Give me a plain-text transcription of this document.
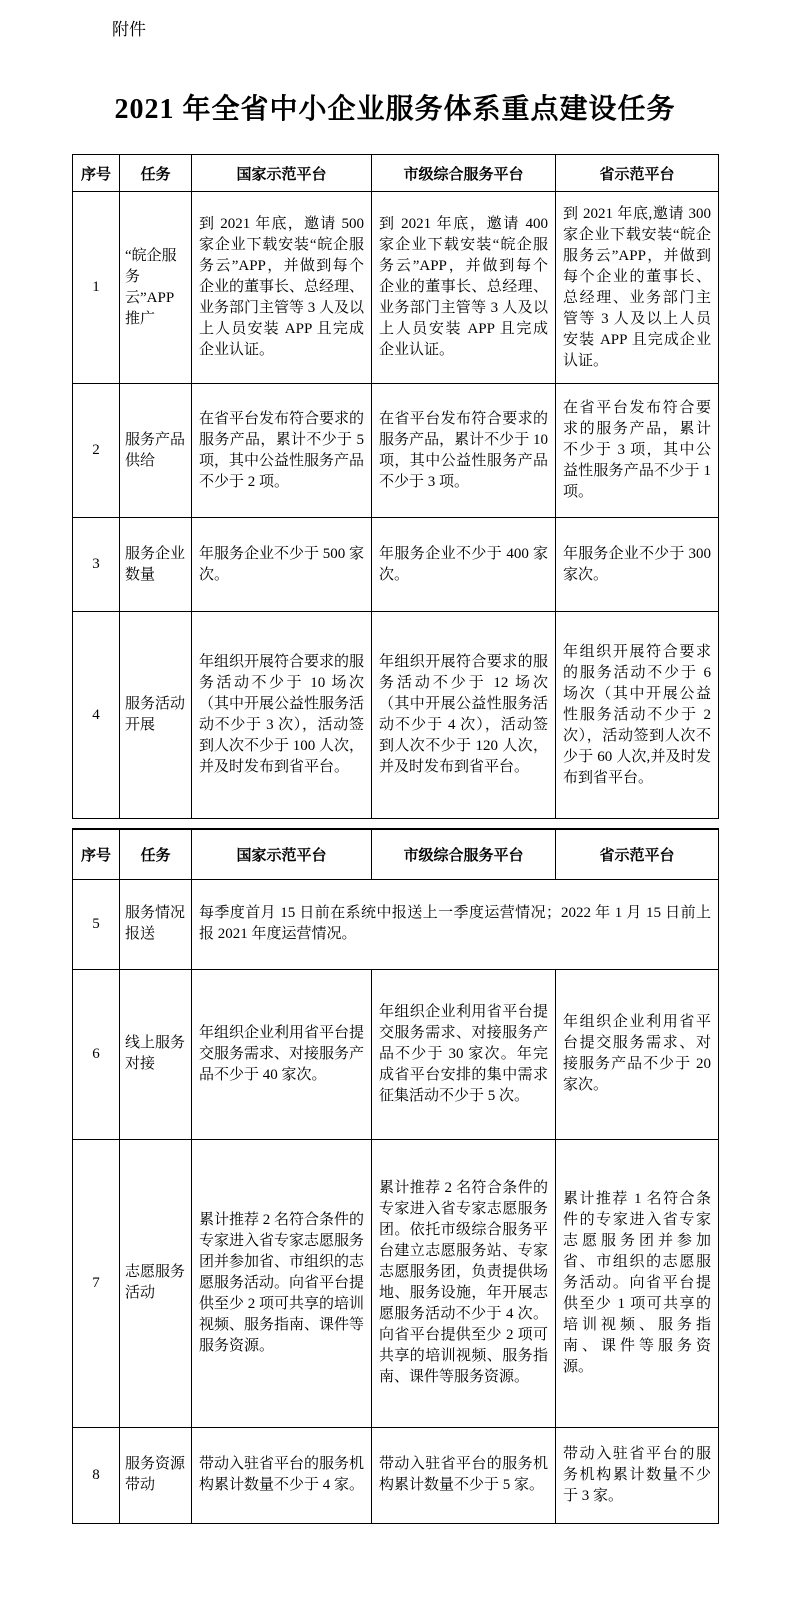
附件
2021 年全省中小企业服务体系重点建设任务
序号	任务	国家示范平台	市级综合服务平台	省示范平台
1	“皖企服务云”APP推广	到 2021 年底，邀请 500 家企业下载安装“皖企服务云”APP，并做到每个企业的董事长、总经理、业务部门主管等 3 人及以上人员安装 APP 且完成企业认证。	到 2021 年底，邀请 400 家企业下载安装“皖企服务云”APP，并做到每个企业的董事长、总经理、业务部门主管等 3 人及以上人员安装 APP 且完成企业认证。	到 2021 年底,邀请 300 家企业下载安装“皖企服务云”APP，并做到每个企业的董事长、总经理、业务部门主管等 3 人及以上人员安装 APP 且完成企业认证。
2	服务产品供给	在省平台发布符合要求的服务产品，累计不少于 5 项，其中公益性服务产品不少于 2 项。	在省平台发布符合要求的服务产品，累计不少于 10 项，其中公益性服务产品不少于 3 项。	在省平台发布符合要求的服务产品，累计不少于 3 项，其中公益性服务产品不少于 1 项。
3	服务企业数量	年服务企业不少于 500 家次。	年服务企业不少于 400 家次。	年服务企业不少于 300 家次。
4	服务活动开展	年组织开展符合要求的服务活动不少于 10 场次（其中开展公益性服务活动不少于 3 次），活动签到人次不少于 100 人次，并及时发布到省平台。	年组织开展符合要求的服务活动不少于 12 场次（其中开展公益性服务活动不少于 4 次），活动签到人次不少于 120 人次，并及时发布到省平台。	年组织开展符合要求的服务活动不少于 6 场次（其中开展公益性服务活动不少于 2 次），活动签到人次不少于 60 人次,并及时发布到省平台。
序号	任务	国家示范平台	市级综合服务平台	省示范平台
5	服务情况报送	每季度首月 15 日前在系统中报送上一季度运营情况；2022 年 1 月 15 日前上报 2021 年度运营情况。		
6	线上服务对接	年组织企业利用省平台提交服务需求、对接服务产品不少于 40 家次。	年组织企业利用省平台提交服务需求、对接服务产品不少于 30 家次。年完成省平台安排的集中需求征集活动不少于 5 次。	年组织企业利用省平台提交服务需求、对接服务产品不少于 20 家次。
7	志愿服务活动	累计推荐 2 名符合条件的专家进入省专家志愿服务团并参加省、市组织的志愿服务活动。向省平台提供至少 2 项可共享的培训视频、服务指南、课件等服务资源。	累计推荐 2 名符合条件的专家进入省专家志愿服务团。依托市级综合服务平台建立志愿服务站、专家志愿服务团，负责提供场地、服务设施，年开展志愿服务活动不少于 4 次。向省平台提供至少 2 项可共享的培训视频、服务指南、课件等服务资源。	累计推荐 1 名符合条件的专家进入省专家志愿服务团并参加省、市组织的志愿服务活动。向省平台提供至少 1 项可共享的培训视频、服务指南、课件等服务资源。
8	服务资源带动	带动入驻省平台的服务机构累计数量不少于 4 家。	带动入驻省平台的服务机构累计数量不少于 5 家。	带动入驻省平台的服务机构累计数量不少于 3 家。
